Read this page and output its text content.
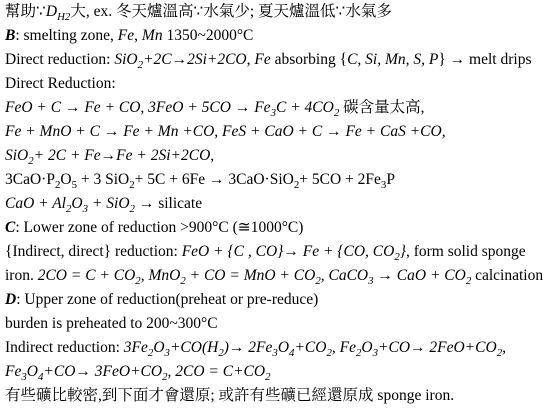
幫助$\because D_{H2}$大, ex. 冬天爐溫高∵水氣少; 夏天爐溫低∵水氣多
B: smelting zone, Fe, Mn 1350~2000°C
Direct reduction: SiO$_2$+2C→2Si+2CO, Fe absorbing {C, Si, Mn, S, P} → melt drips
Direct Reduction:
FeO + C → Fe + CO, $3FeO + 5CO \to Fe_3C + 4CO_2$ 碳含量太高,
Fe + MnO + C → Fe + Mn +CO, FeS + CaO + C → Fe + CaS +CO,
SiO$_2$+ 2C + Fe→Fe + 2Si+2CO,
$3CaO\cdot P_2O_5 + 3$ $SiO_2+ 5C + 6Fe \to 3CaO\cdot SiO_2+ 5CO + 2Fe_3P$
CaO + $Al_2O_3 + SiO_2$ → silicate
C: Lower zone of reduction >900°C (≅1000°C)
{Indirect, direct} reduction: FeO + {C , CO}→ Fe + {CO, $CO_2$}, form solid sponge
iron. $2CO = C + CO_2$, MnO$_2$ + CO = MnO + $CO_2$, CaCO$_3$ → CaO + $CO_2$ calcination
D: Upper zone of reduction(preheat or pre-reduce)
burden is preheated to 200~300°C
Indirect reduction: $3Fe_2O_3+CO(H_2)\to 2Fe_3O_4+CO_2$, $Fe_2O_3+CO\to 2FeO+CO_2$,
$Fe_3O_4+CO\to 3FeO+CO_2$, $2CO = C+CO_2$
有些礦比較密,到下面才會還原; 或許有些礦已經還原成 sponge iron.
